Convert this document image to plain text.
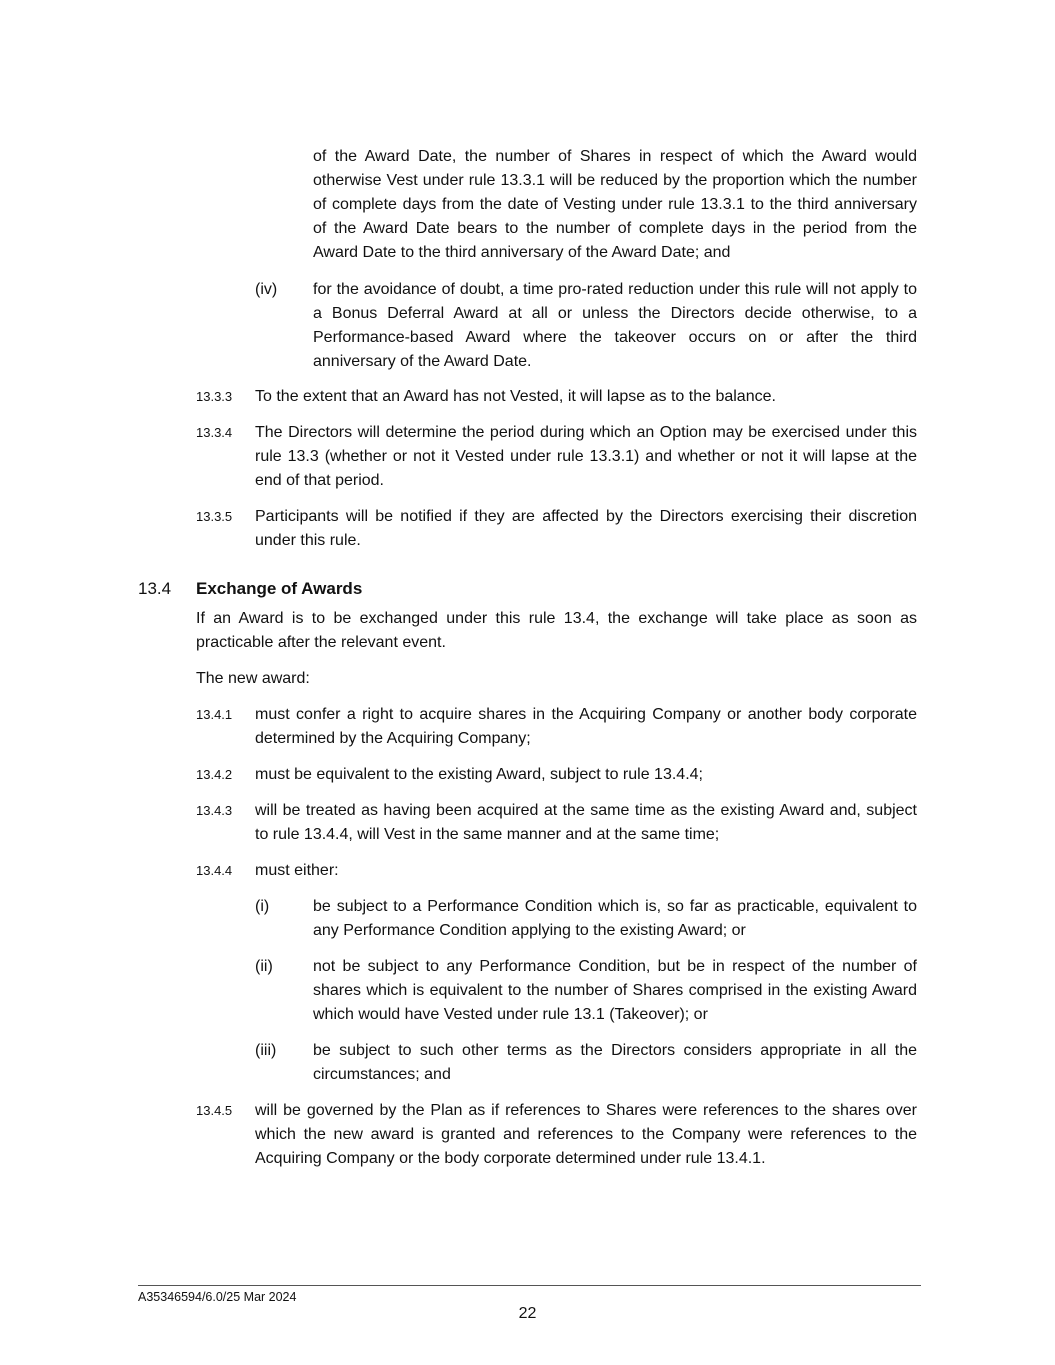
of the Award Date, the number of Shares in respect of which the Award would otherwise Vest under rule 13.3.1 will be reduced by the proportion which the number of complete days from the date of Vesting under rule 13.3.1 to the third anniversary of the Award Date bears to the number of complete days in the period from the Award Date to the third anniversary of the Award Date; and

(iv) for the avoidance of doubt, a time pro-rated reduction under this rule will not apply to a Bonus Deferral Award at all or unless the Directors decide otherwise, to a Performance-based Award where the takeover occurs on or after the third anniversary of the Award Date.

13.3.3 To the extent that an Award has not Vested, it will lapse as to the balance.

13.3.4 The Directors will determine the period during which an Option may be exercised under this rule 13.3 (whether or not it Vested under rule 13.3.1) and whether or not it will lapse at the end of that period.

13.3.5 Participants will be notified if they are affected by the Directors exercising their discretion under this rule.

13.4 Exchange of Awards

If an Award is to be exchanged under this rule 13.4, the exchange will take place as soon as practicable after the relevant event.

The new award:

13.4.1 must confer a right to acquire shares in the Acquiring Company or another body corporate determined by the Acquiring Company;

13.4.2 must be equivalent to the existing Award, subject to rule 13.4.4;

13.4.3 will be treated as having been acquired at the same time as the existing Award and, subject to rule 13.4.4, will Vest in the same manner and at the same time;

13.4.4 must either:

(i)	be subject to a Performance Condition which is, so far as practicable, equivalent to any Performance Condition applying to the existing Award; or

(ii)	not be subject to any Performance Condition, but be in respect of the number of shares which is equivalent to the number of Shares comprised in the existing Award which would have Vested under rule 13.1 (Takeover); or

(iii) be subject to such other terms as the Directors considers appropriate in all the circumstances; and

13.4.5 will be governed by the Plan as if references to Shares were references to the shares over which the new award is granted and references to the Company were references to the Acquiring Company or the body corporate determined under rule 13.4.1.

A35346594/6.0/25 Mar 2024
22
